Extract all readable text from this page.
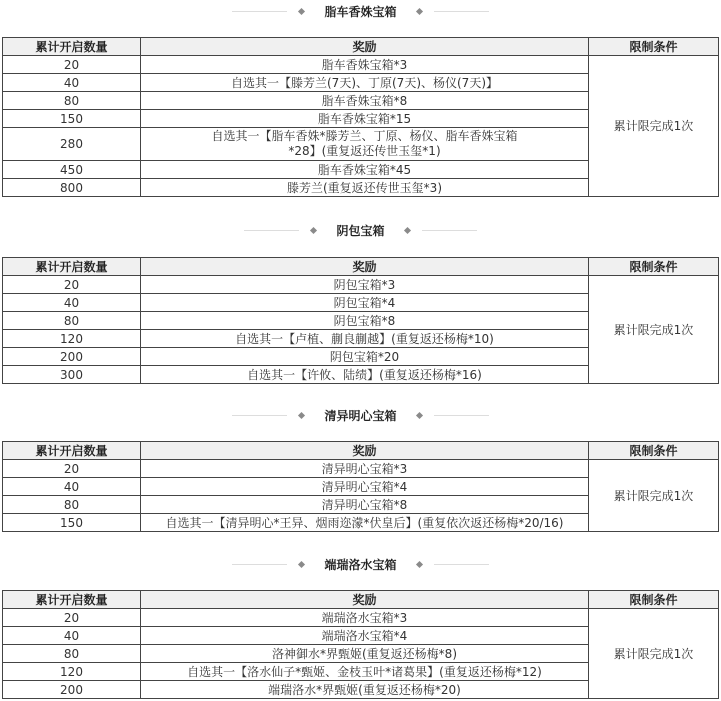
脂车香姝宝箱
累计开启数量	奖励	限制条件
20	脂车香姝宝箱*3	累计限完成1次
40	自选其一【滕芳兰(7天)、丁原(7天)、杨仪(7天)】	
80	脂车香姝宝箱*8	
150	脂车香姝宝箱*15	
280	自选其一【脂车香姝*滕芳兰、丁原、杨仪、脂车香姝宝箱*28】(重复返还传世玉玺*1)	
450	脂车香姝宝箱*45	
800	滕芳兰(重复返还传世玉玺*3)	
阴包宝箱
累计开启数量	奖励	限制条件
20	阴包宝箱*3	累计限完成1次
40	阴包宝箱*4	
80	阴包宝箱*8	
120	自选其一【卢植、蒯良蒯越】(重复返还杨梅*10)	
200	阴包宝箱*20	
300	自选其一【许攸、陆绩】(重复返还杨梅*16)	
清异明心宝箱
累计开启数量	奖励	限制条件
20	清异明心宝箱*3	累计限完成1次
40	清异明心宝箱*4	
80	清异明心宝箱*8	
150	自选其一【清异明心*王异、烟雨迩濛*伏皇后】(重复依次返还杨梅*20/16)	
端瑞洛水宝箱
累计开启数量	奖励	限制条件
20	端瑞洛水宝箱*3	累计限完成1次
40	端瑞洛水宝箱*4	
80	洛神御水*界甄姬(重复返还杨梅*8)	
120	自选其一【洛水仙子*甄姬、金枝玉叶*诸葛果】(重复返还杨梅*12)	
200	端瑞洛水*界甄姬(重复返还杨梅*20)	
